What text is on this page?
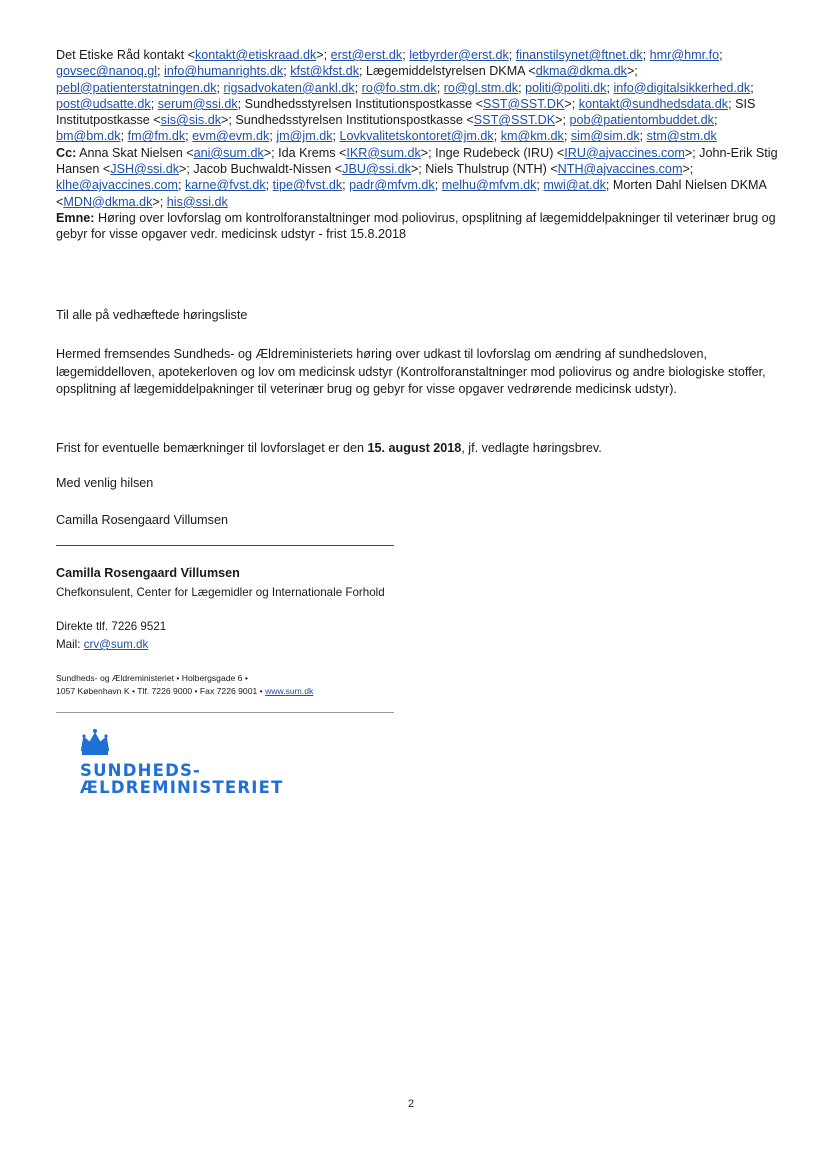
Det Etiske Råd kontakt <kontakt@etiskraad.dk>; erst@erst.dk; letbyrder@erst.dk; finanstilsynet@ftnet.dk; hmr@hmr.fo; govsec@nanoq.gl; info@humanrights.dk; kfst@kfst.dk; Lægemiddelstyrelsen DKMA <dkma@dkma.dk>; pebl@patienterstatningen.dk; rigsadvokaten@ankl.dk; ro@fo.stm.dk; ro@gl.stm.dk; politi@politi.dk; info@digitalsikkerhed.dk; post@udsatte.dk; serum@ssi.dk; Sundhedsstyrelsen Institutionspostkasse <SST@SST.DK>; kontakt@sundhedsdata.dk; SIS Institutpostkasse <sis@sis.dk>; Sundhedsstyrelsen Institutionspostkasse <SST@SST.DK>; pob@patientombuddet.dk; bm@bm.dk; fm@fm.dk; evm@evm.dk; jm@jm.dk; Lovkvalitetskontoret@jm.dk; km@km.dk; sim@sim.dk; stm@stm.dk
Cc: Anna Skat Nielsen <ani@sum.dk>; Ida Krems <IKR@sum.dk>; Inge Rudebeck (IRU) <IRU@ajvaccines.com>; John-Erik Stig Hansen <JSH@ssi.dk>; Jacob Buchwaldt-Nissen <JBU@ssi.dk>; Niels Thulstrup (NTH) <NTH@ajvaccines.com>; klhe@ajvaccines.com; karne@fvst.dk; tipe@fvst.dk; padr@mfvm.dk; melhu@mfvm.dk; mwi@at.dk; Morten Dahl Nielsen DKMA <MDN@dkma.dk>; his@ssi.dk
Emne: Høring over lovforslag om kontrolforanstaltninger mod poliovirus, opsplitning af lægemiddelpakninger til veterinær brug og gebyr for visse opgaver vedr. medicinsk udstyr - frist 15.8.2018
Til alle på vedhæftede høringsliste
Hermed fremsendes Sundheds- og Ældreministeriets høring over udkast til lovforslag om ændring af sundhedsloven, lægemiddelloven, apotekerloven og lov om medicinsk udstyr (Kontrolforanstaltninger mod poliovirus og andre biologiske stoffer, opsplitning af lægemiddelpakninger til veterinær brug og gebyr for visse opgaver vedrørende medicinsk udstyr).
Frist for eventuelle bemærkninger til lovforslaget er den 15. august 2018, jf. vedlagte høringsbrev.
Med venlig hilsen
Camilla Rosengaard Villumsen
Camilla Rosengaard Villumsen
Chefkonsulent, Center for Lægemidler og Internationale Forhold
Direkte tlf. 7226 9521
Mail: crv@sum.dk
Sundheds- og Ældreministeriet • Holbergsgade 6 •
1057 København K • Tlf. 7226 9000 • Fax 7226 9001 • www.sum.dk
SUNDHEDS-
ÆLDREMINISTERIET
2
